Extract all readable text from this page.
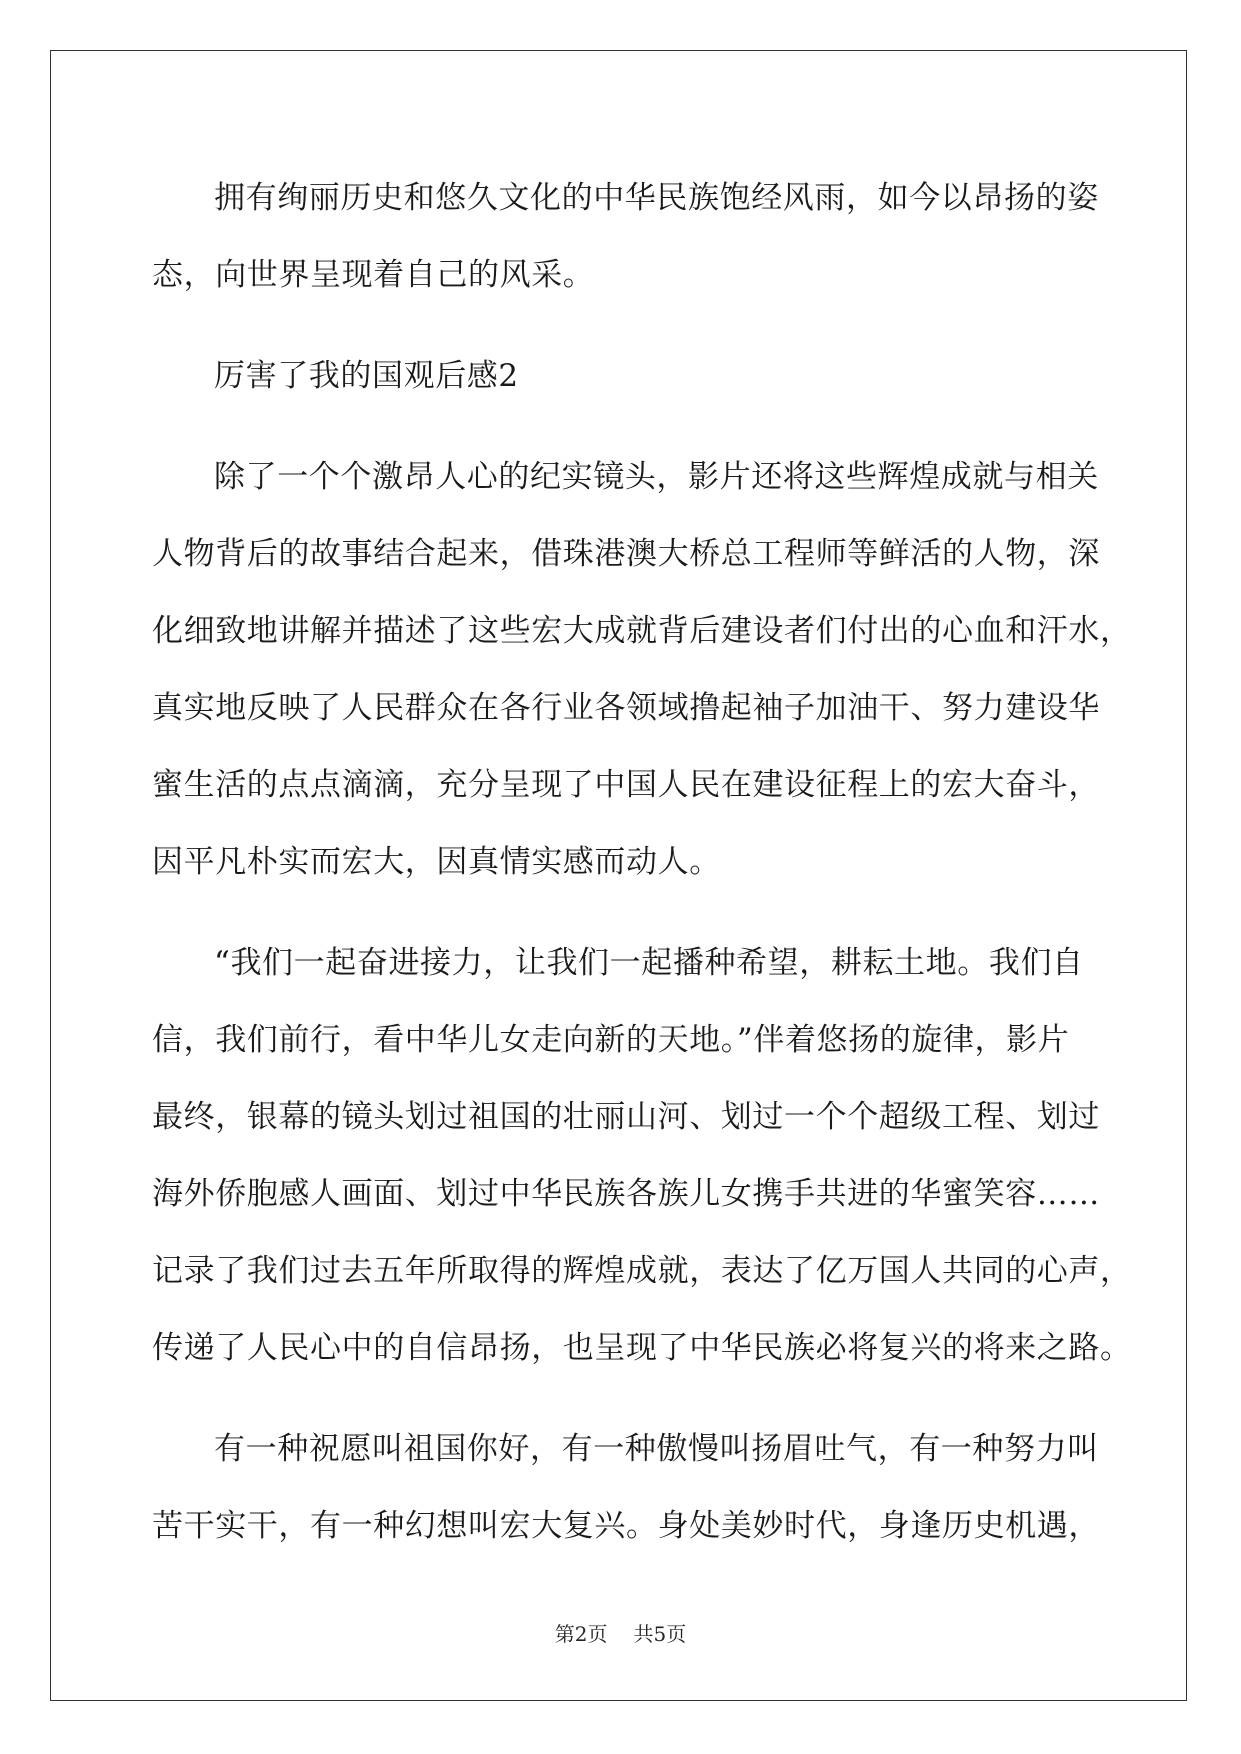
拥有绚丽历史和悠久文化的中华民族饱经风雨，如今以昂扬的姿
态，向世界呈现着自己的风采。

厉害了我的国观后感2

除了一个个激昂人心的纪实镜头，影片还将这些辉煌成就与相关
人物背后的故事结合起来，借珠港澳大桥总工程师等鲜活的人物，深
化细致地讲解并描述了这些宏大成就背后建设者们付出的心血和汗水，
真实地反映了人民群众在各行业各领域撸起袖子加油干、努力建设华
蜜生活的点点滴滴，充分呈现了中国人民在建设征程上的宏大奋斗，
因平凡朴实而宏大，因真情实感而动人。

“我们一起奋进接力，让我们一起播种希望，耕耘土地。我们自
信，我们前行，看中华儿女走向新的天地。”伴着悠扬的旋律，影片
最终，银幕的镜头划过祖国的壮丽山河、划过一个个超级工程、划过
海外侨胞感人画面、划过中华民族各族儿女携手共进的华蜜笑容……
记录了我们过去五年所取得的辉煌成就，表达了亿万国人共同的心声，
传递了人民心中的自信昂扬，也呈现了中华民族必将复兴的将来之路。

有一种祝愿叫祖国你好，有一种傲慢叫扬眉吐气，有一种努力叫
苦干实干，有一种幻想叫宏大复兴。身处美妙时代，身逢历史机遇，

第2页 共5页
